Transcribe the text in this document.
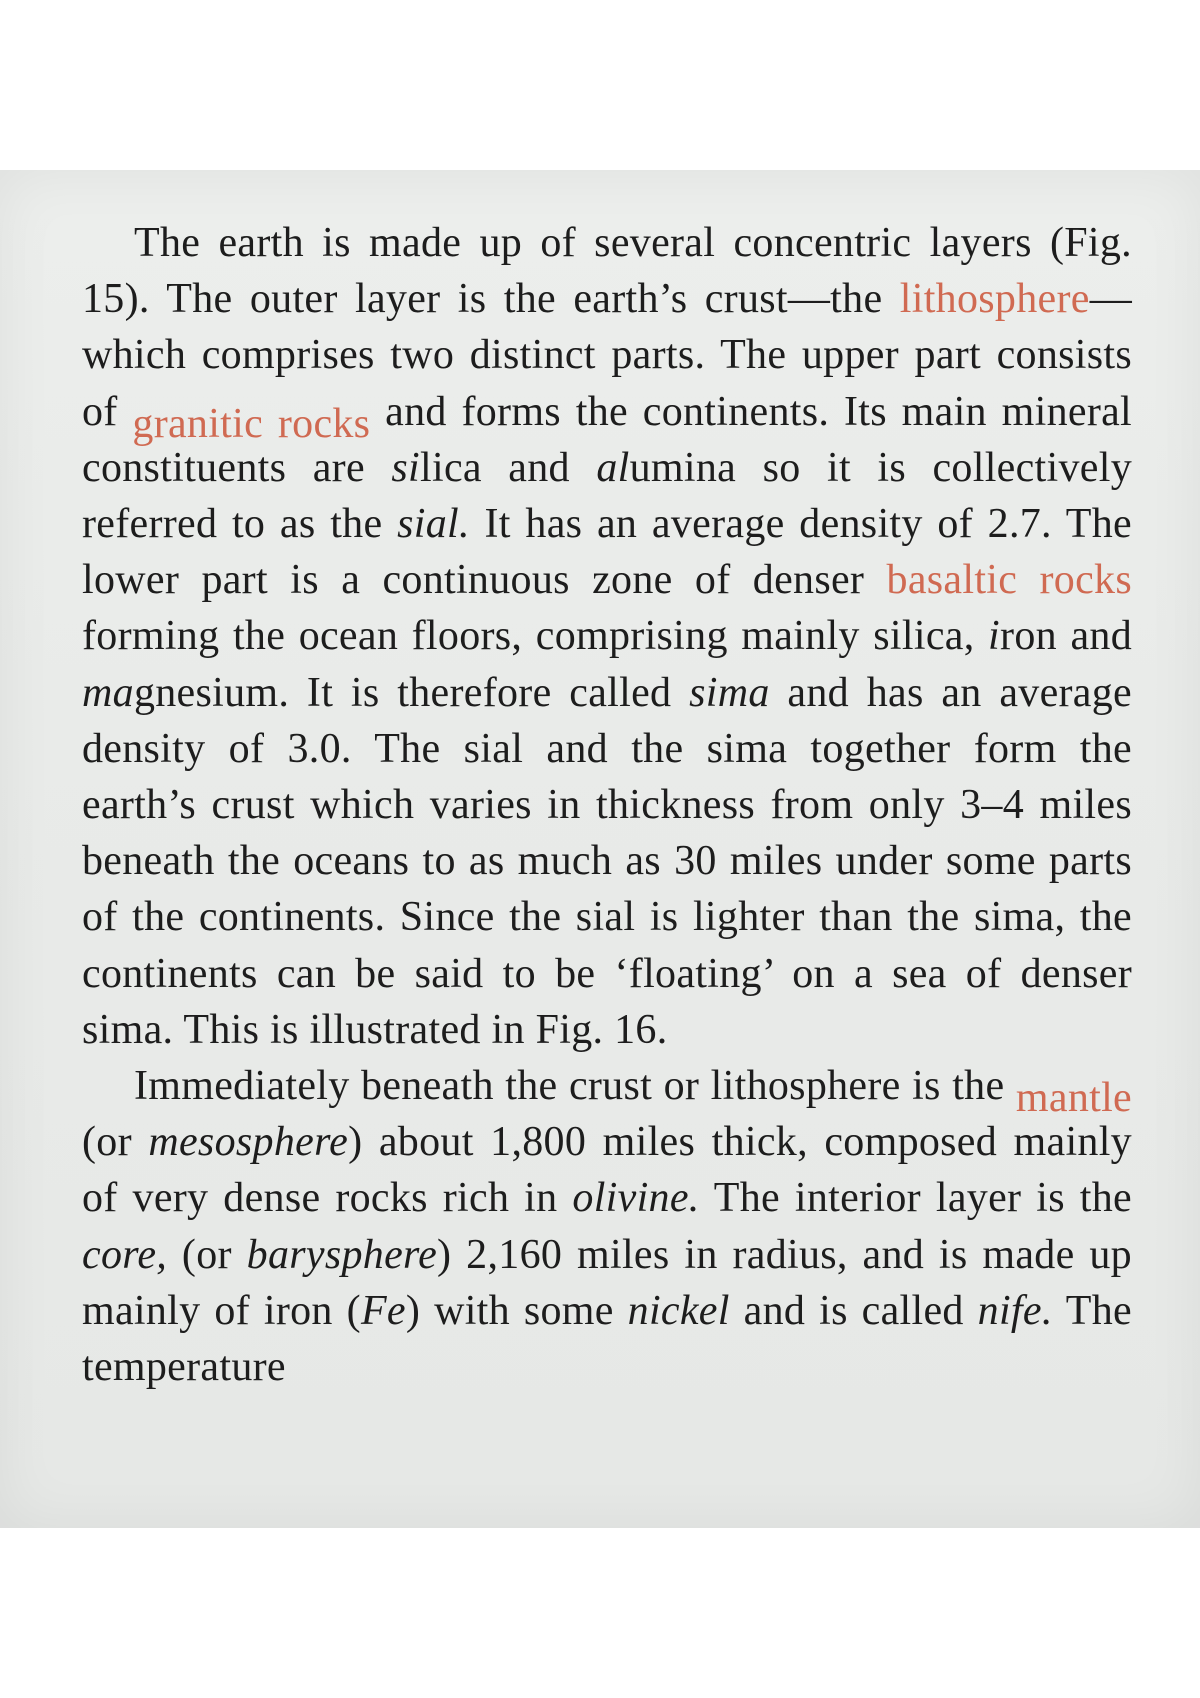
The earth is made up of several concentric layers (Fig. 15). The outer layer is the earth’s crust—the lithosphere—which comprises two distinct parts. The upper part consists of granitic rocks and forms the continents. Its main mineral constituents are silica and alumina so it is collectively referred to as the sial. It has an average density of 2.7. The lower part is a continuous zone of denser basaltic rocks forming the ocean floors, comprising mainly silica, iron and magnesium. It is therefore called sima and has an average density of 3.0. The sial and the sima together form the earth’s crust which varies in thickness from only 3–4 miles beneath the oceans to as much as 30 miles under some parts of the continents. Since the sial is lighter than the sima, the continents can be said to be ‘floating’ on a sea of denser sima. This is illustrated in Fig. 16.

Immediately beneath the crust or lithosphere is the mantle (or mesosphere) about 1,800 miles thick, composed mainly of very dense rocks rich in olivine. The interior layer is the core, (or barysphere) 2,160 miles in radius, and is made up mainly of iron (Fe) with some nickel and is called nife. The temperature
